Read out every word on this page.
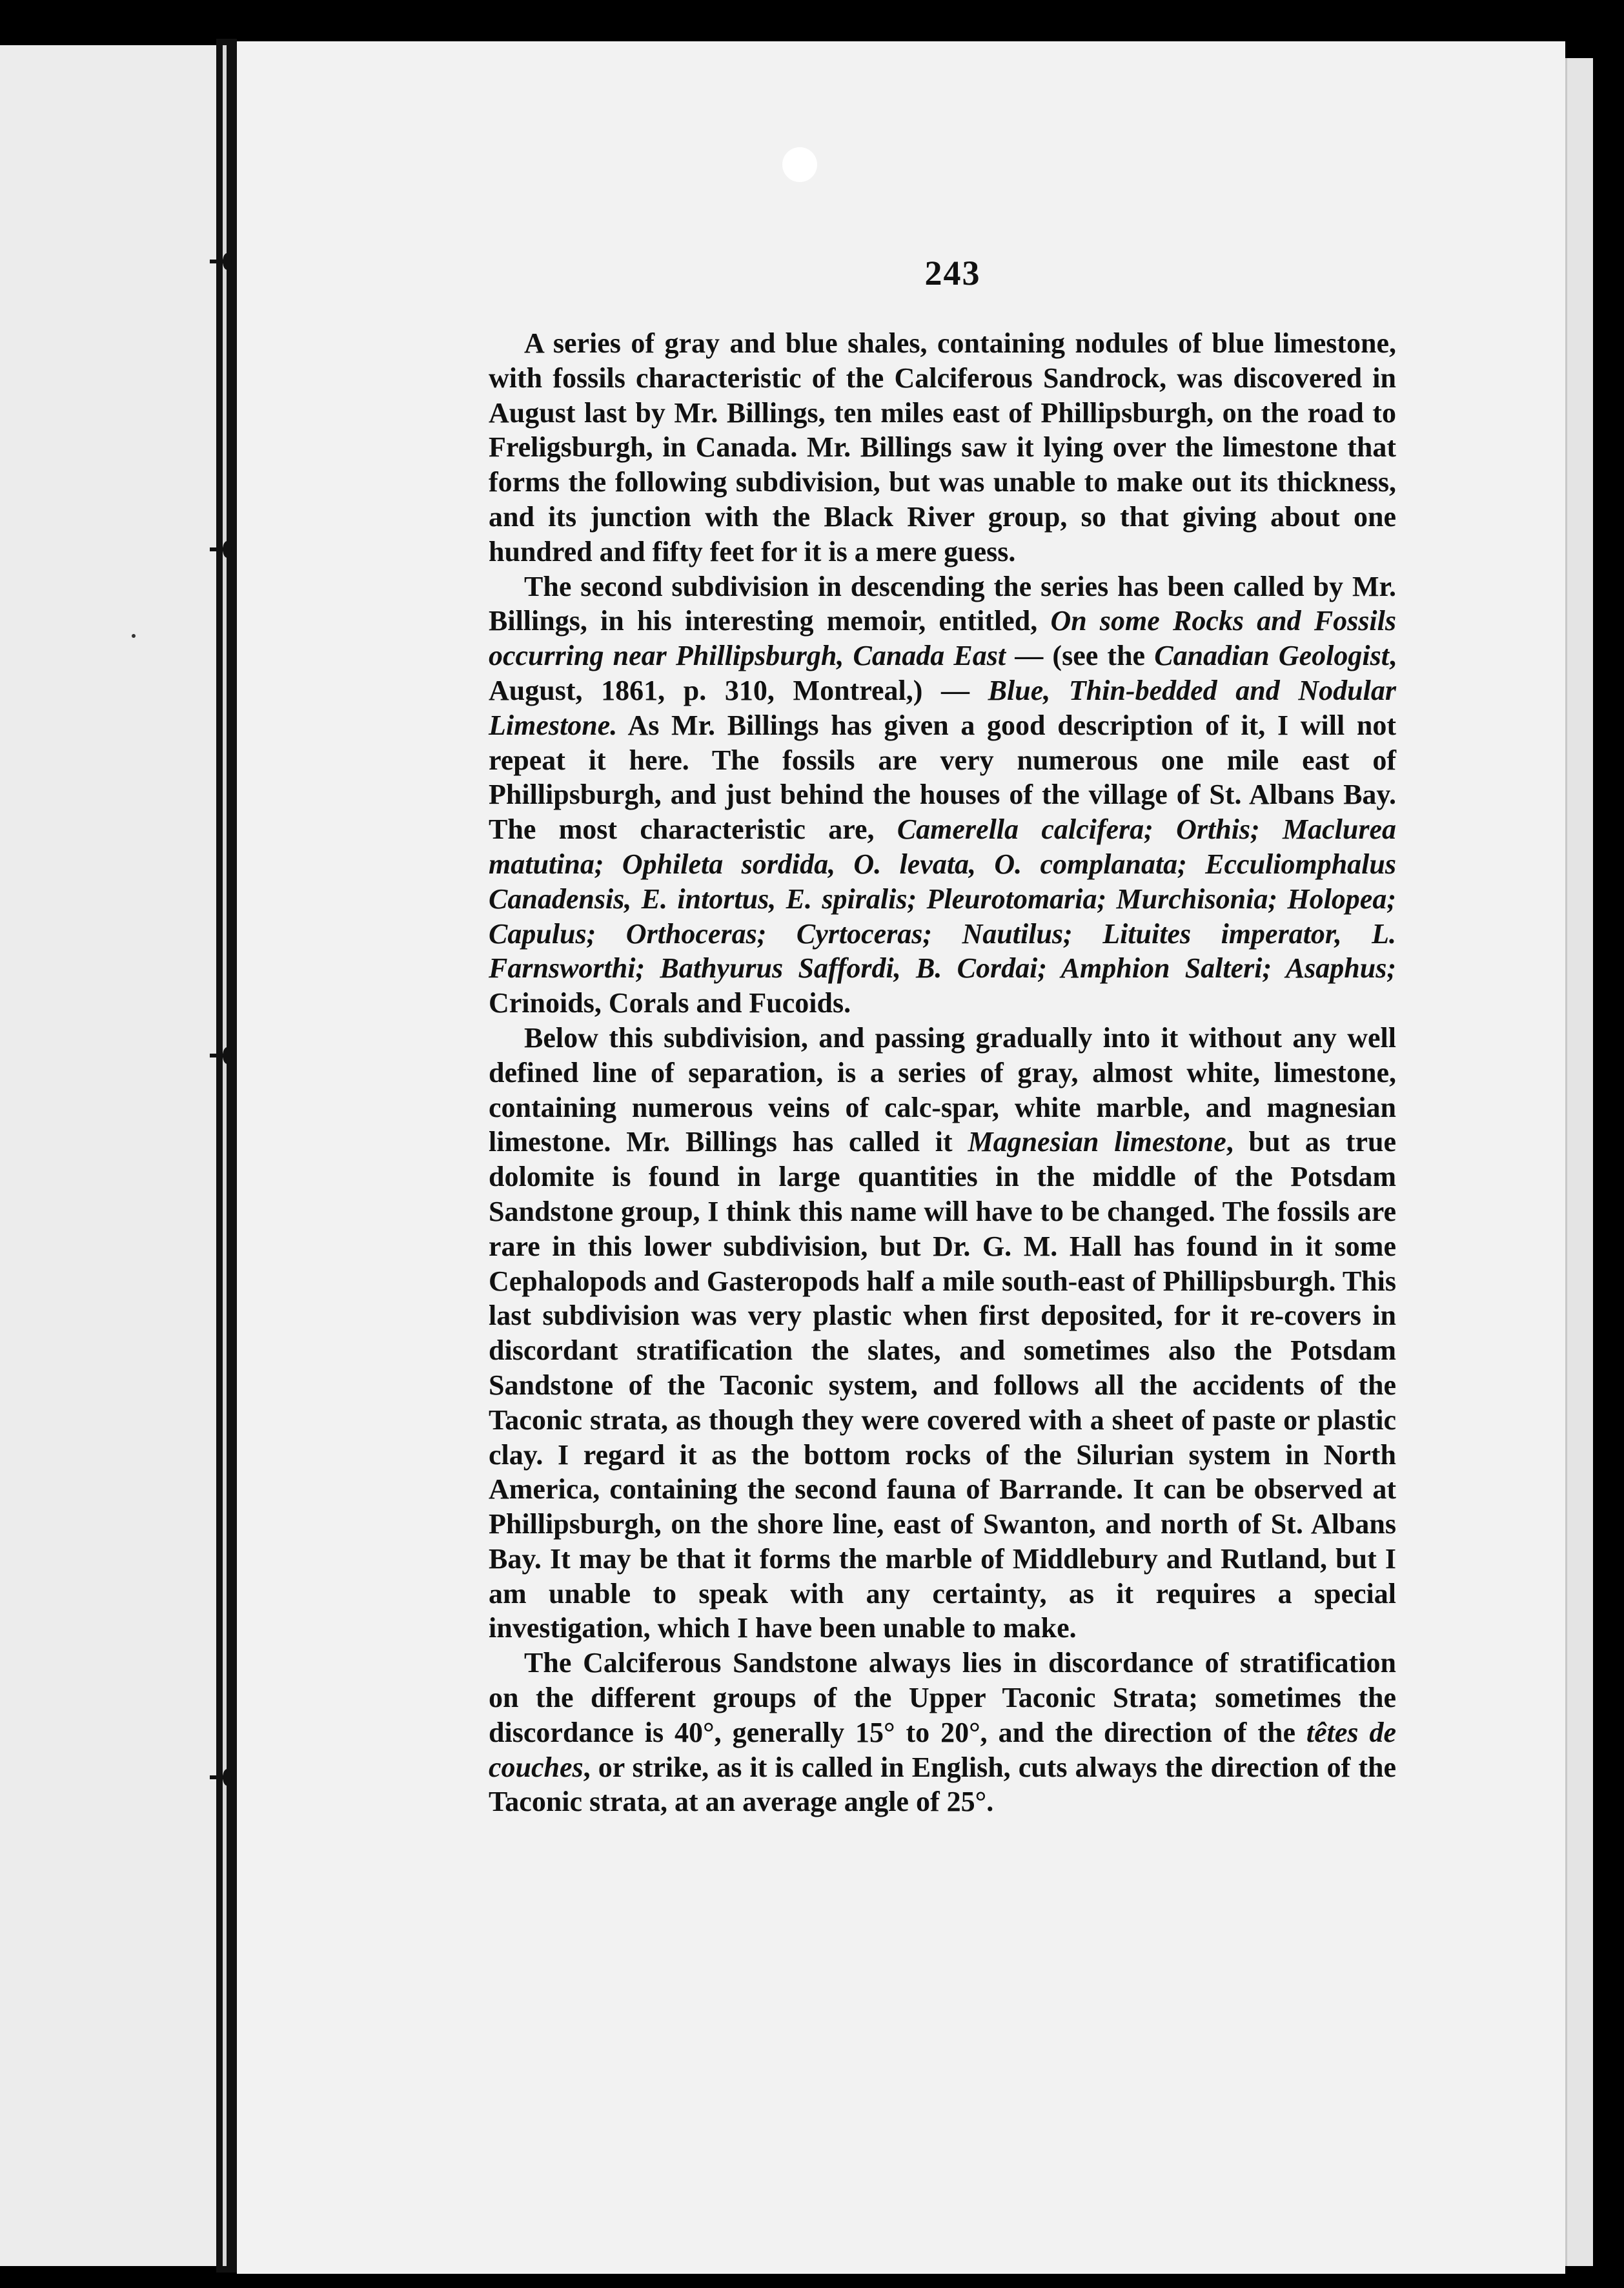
243

A series of gray and blue shales, containing nodules of blue limestone, with fossils characteristic of the Calciferous Sandrock, was discovered in August last by Mr. Billings, ten miles east of Phillipsburgh, on the road to Freligsburgh, in Canada. Mr. Billings saw it lying over the limestone that forms the following subdivision, but was unable to make out its thickness, and its junction with the Black River group, so that giving about one hundred and fifty feet for it is a mere guess.

The second subdivision in descending the series has been called by Mr. Billings, in his interesting memoir, entitled, On some Rocks and Fossils occurring near Phillipsburgh, Canada East — (see the Canadian Geologist, August, 1861, p. 310, Montreal,) — Blue, Thin-bedded and Nodular Limestone. As Mr. Billings has given a good description of it, I will not repeat it here. The fossils are very numerous one mile east of Phillipsburgh, and just behind the houses of the village of St. Albans Bay. The most characteristic are, Camerella calcifera; Orthis; Maclurea matutina; Ophileta sordida, O. levata, O. complanata; Ecculiomphalus Canadensis, E. intortus, E. spiralis; Pleurotomaria; Murchisonia; Holopea; Capulus; Orthoceras; Cyrtoceras; Nautilus; Lituites imperator, L. Farnsworthi; Bathyurus Saffordi, B. Cordai; Amphion Salteri; Asaphus; Crinoids, Corals and Fucoids.

Below this subdivision, and passing gradually into it without any well defined line of separation, is a series of gray, almost white, limestone, containing numerous veins of calc-spar, white marble, and magnesian limestone. Mr. Billings has called it Magnesian limestone, but as true dolomite is found in large quantities in the middle of the Potsdam Sandstone group, I think this name will have to be changed. The fossils are rare in this lower subdivision, but Dr. G. M. Hall has found in it some Cephalopods and Gasteropods half a mile south-east of Phillipsburgh. This last subdivision was very plastic when first deposited, for it re-covers in discordant stratification the slates, and sometimes also the Potsdam Sandstone of the Taconic system, and follows all the accidents of the Taconic strata, as though they were covered with a sheet of paste or plastic clay. I regard it as the bottom rocks of the Silurian system in North America, containing the second fauna of Barrande. It can be observed at Phillipsburgh, on the shore line, east of Swanton, and north of St. Albans Bay. It may be that it forms the marble of Middlebury and Rutland, but I am unable to speak with any certainty, as it requires a special investigation, which I have been unable to make.

The Calciferous Sandstone always lies in discordance of stratification on the different groups of the Upper Taconic Strata; sometimes the discordance is 40°, generally 15° to 20°, and the direction of the têtes de couches, or strike, as it is called in English, cuts always the direction of the Taconic strata, at an average angle of 25°.
